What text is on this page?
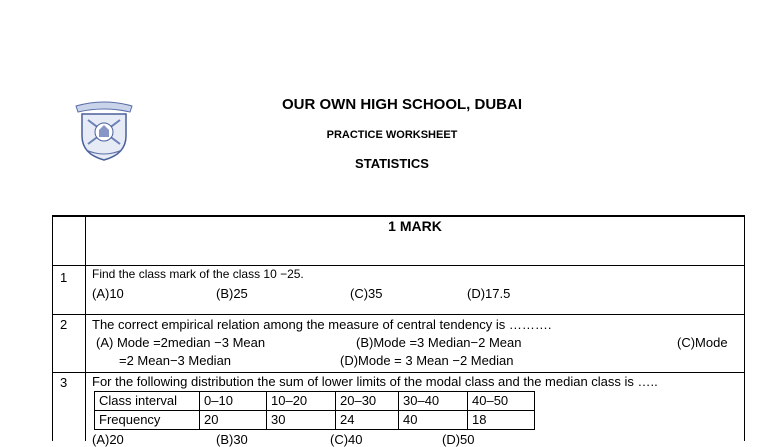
OUR OWN HIGH SCHOOL, DUBAI
PRACTICE WORKSHEET
STATISTICS
1 MARK
1 Find the class mark of the class 10 −25.
(A)10	(B)25	(C)35	(D)17.5
2 The correct empirical relation among the measure of central tendency is ……….
(A) Mode =2median −3 Mean	(B)Mode =3 Median−2 Mean	(C)Mode
=2 Mean−3 Median	(D)Mode = 3 Mean −2 Median
3 For the following distribution the sum of lower limits of the modal class and the median class is …..
Class interval	0–10	10–20	20–30	30–40	40–50
Frequency	20	30	24	40	18
(A)20	(B)30	(C)40	(D)50
